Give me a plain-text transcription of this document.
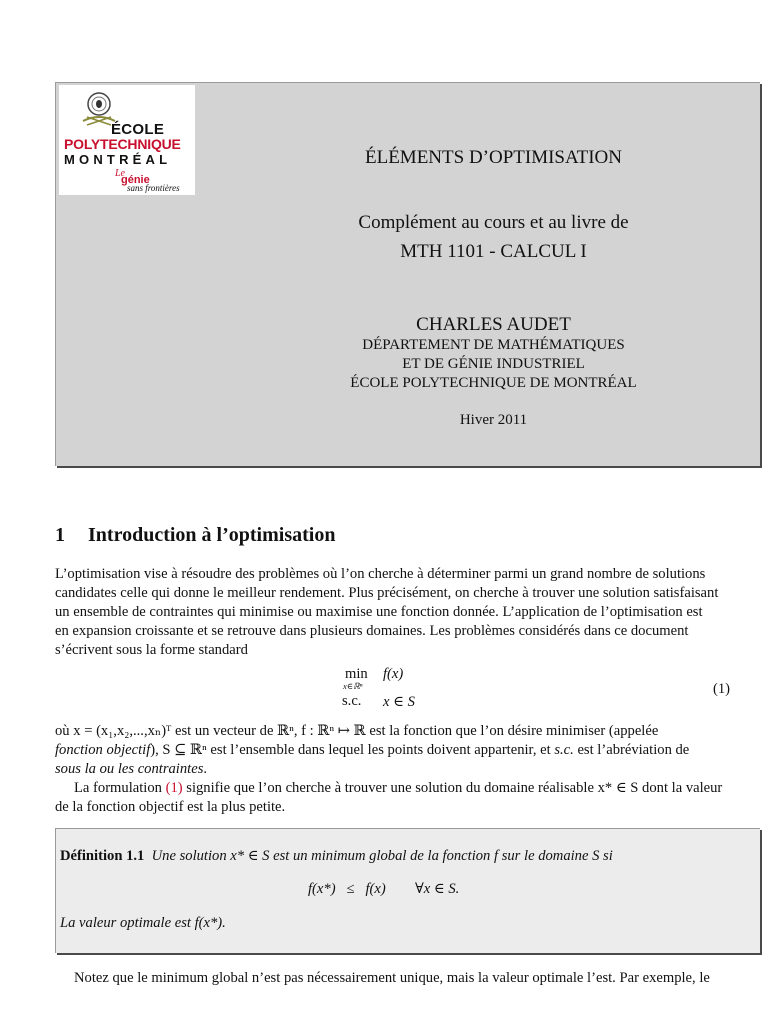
ÉCOLE
POLYTECHNIQUE
MONTRÉAL
Le
génie
sans frontières
ÉLÉMENTS D’OPTIMISATION
Complément au cours et au livre de
MTH 1101 - CALCUL I
CHARLES AUDET
DÉPARTEMENT DE MATHÉMATIQUES
ET DE GÉNIE INDUSTRIEL
ÉCOLE POLYTECHNIQUE DE MONTRÉAL
Hiver 2011
1 Introduction à l’optimisation
L’optimisation vise à résoudre des problèmes où l’on cherche à déterminer parmi un grand nombre de solutions
candidates celle qui donne le meilleur rendement. Plus précisément, on cherche à trouver une solution satisfaisant
un ensemble de contraintes qui minimise ou maximise une fonction donnée. L’application de l’optimisation est
en expansion croissante et se retrouve dans plusieurs domaines. Les problèmes considérés dans ce document
s’écrivent sous la forme standard
min
x∈ℝⁿ
f(x)
s.c. x ∈ S
(1)
où x = (x₁,x₂,...,xₙ)ᵀ est un vecteur de ℝⁿ, f : ℝⁿ ↦ ℝ est la fonction que l’on désire minimiser (appelée
fonction objectif), S ⊆ ℝⁿ est l’ensemble dans lequel les points doivent appartenir, et s.c. est l’abréviation de
sous la ou les contraintes.
La formulation (1) signifie que l’on cherche à trouver une solution du domaine réalisable x* ∈ S dont la valeur
de la fonction objectif est la plus petite.
Définition 1.1 Une solution x* ∈ S est un minimum global de la fonction f sur le domaine S si
f(x*) ≤ f(x) ∀x ∈ S.
La valeur optimale est f(x*).
Notez que le minimum global n’est pas nécessairement unique, mais la valeur optimale l’est. Par exemple, le
